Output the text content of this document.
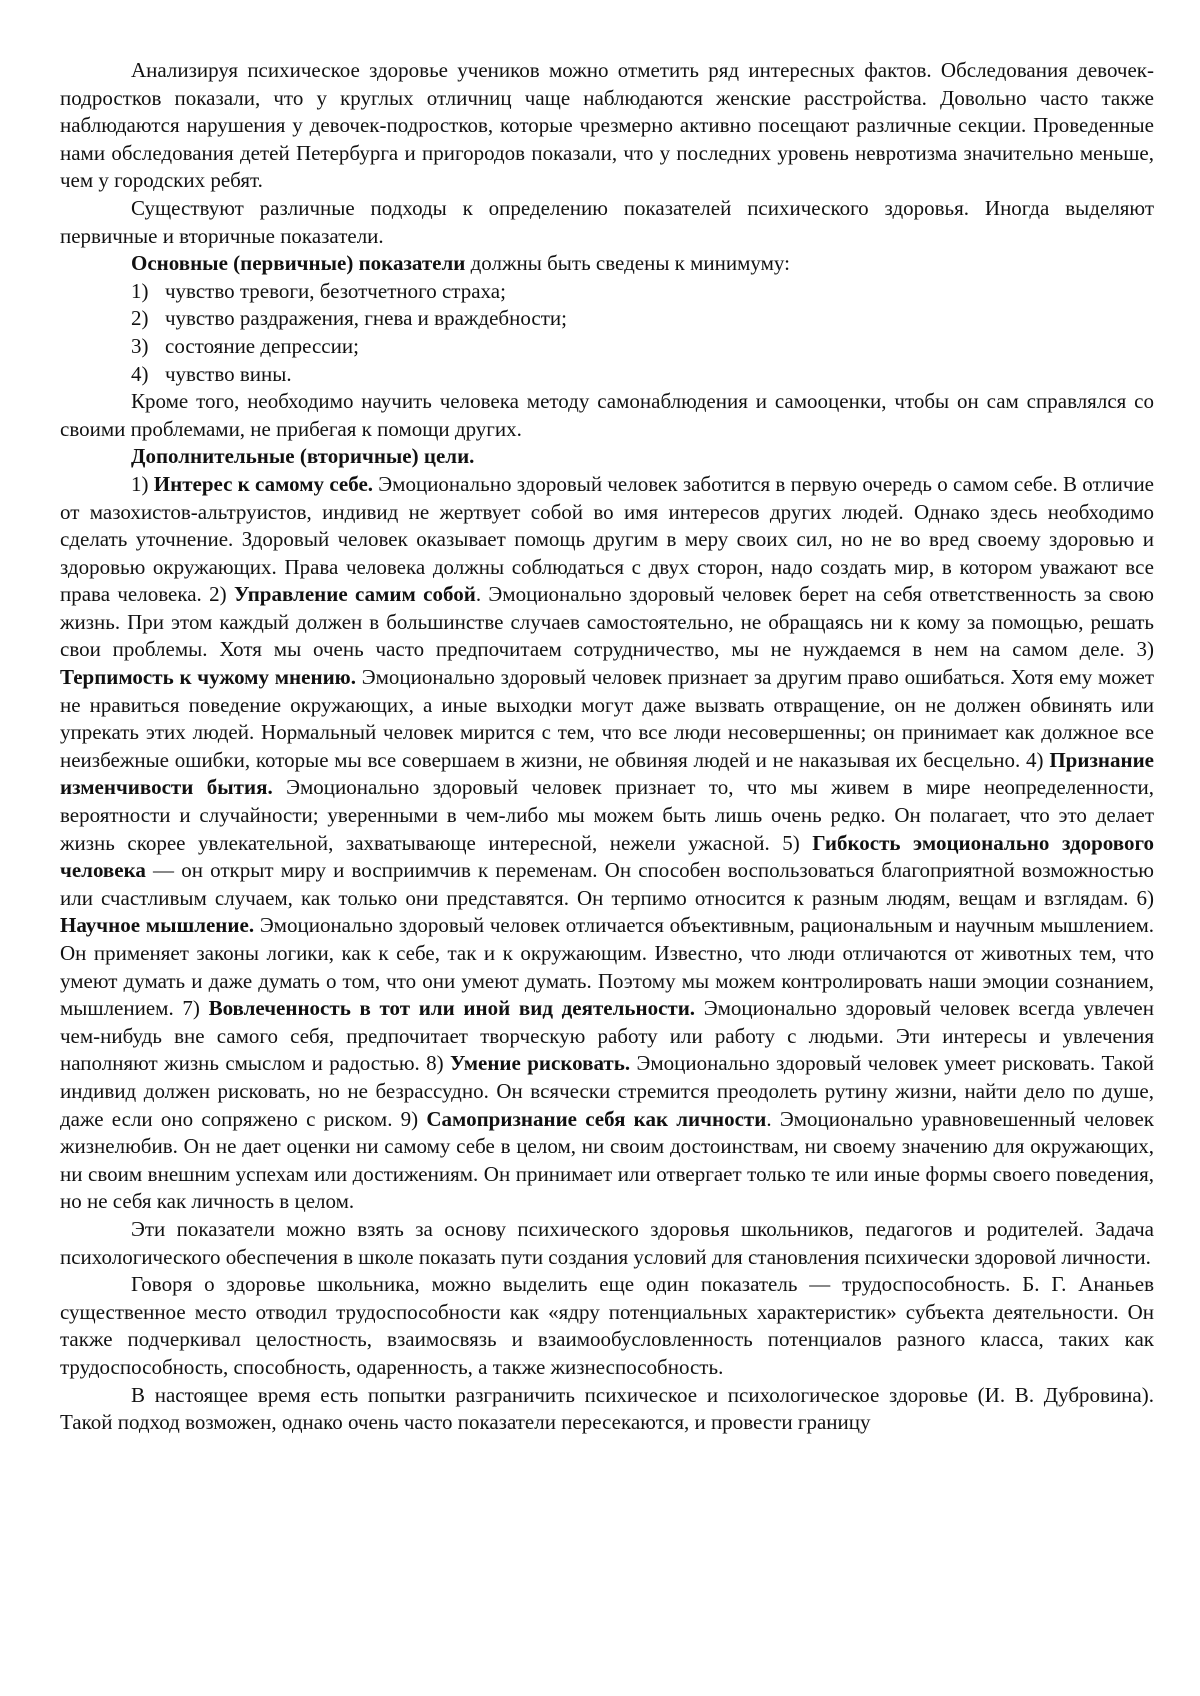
Анализируя психическое здоровье учеников можно отметить ряд интересных фактов. Обследования девочек-подростков показали, что у круглых отличниц чаще наблюдаются женские расстройства. Довольно часто также наблюдаются нарушения у девочек-подростков, которые чрезмерно активно посещают различные секции. Проведенные нами обследования детей Петербурга и пригородов показали, что у последних уровень невротизма значительно меньше, чем у городских ребят.

Существуют различные подходы к определению показателей психического здоровья. Иногда выделяют первичные и вторичные показатели.

Основные (первичные) показатели должны быть сведены к минимуму:

1) чувство тревоги, безотчетного страха;

2) чувство раздражения, гнева и враждебности;

3) состояние депрессии;

4) чувство вины.

Кроме того, необходимо научить человека методу самонаблюдения и самооценки, чтобы он сам справлялся со своими проблемами, не прибегая к помощи других.

Дополнительные (вторичные) цели.

1) Интерес к самому себе. Эмоционально здоровый человек заботится в первую очередь о самом себе. В отличие от мазохистов-альтруистов, индивид не жертвует собой во имя интересов других людей. Однако здесь необходимо сделать уточнение. Здоровый человек оказывает помощь другим в меру своих сил, но не во вред своему здоровью и здоровью окружающих. Права человека должны соблюдаться с двух сторон, надо создать мир, в котором уважают все права человека. 2) Управление самим собой. Эмоционально здоровый человек берет на себя ответственность за свою жизнь. При этом каждый должен в большинстве случаев самостоятельно, не обращаясь ни к кому за помощью, решать свои проблемы. Хотя мы очень часто предпочитаем сотрудничество, мы не нуждаемся в нем на самом деле. 3) Терпимость к чужому мнению. Эмоционально здоровый человек признает за другим право ошибаться. Хотя ему может не нравиться поведение окружающих, а иные выходки могут даже вызвать отвращение, он не должен обвинять или упрекать этих людей. Нормальный человек мирится с тем, что все люди несовершенны; он принимает как должное все неизбежные ошибки, которые мы все совершаем в жизни, не обвиняя людей и не наказывая их бесцельно. 4) Признание изменчивости бытия. Эмоционально здоровый человек признает то, что мы живем в мире неопределенности, вероятности и случайности; уверенными в чем-либо мы можем быть лишь очень редко. Он полагает, что это делает жизнь скорее увлекательной, захватывающе интересной, нежели ужасной. 5) Гибкость эмоционально здорового человека — он открыт миру и восприимчив к переменам. Он способен воспользоваться благоприятной возможностью или счастливым случаем, как только они представятся. Он терпимо относится к разным людям, вещам и взглядам. 6) Научное мышление. Эмоционально здоровый человек отличается объективным, рациональным и научным мышлением. Он применяет законы логики, как к себе, так и к окружающим. Известно, что люди отличаются от животных тем, что умеют думать и даже думать о том, что они умеют думать. Поэтому мы можем контролировать наши эмоции сознанием, мышлением. 7) Вовлеченность в тот или иной вид деятельности. Эмоционально здоровый человек всегда увлечен чем-нибудь вне самого себя, предпочитает творческую работу или работу с людьми. Эти интересы и увлечения наполняют жизнь смыслом и радостью. 8) Умение рисковать. Эмоционально здоровый человек умеет рисковать. Такой индивид должен рисковать, но не безрассудно. Он всячески стремится преодолеть рутину жизни, найти дело по душе, даже если оно сопряжено с риском. 9) Самопризнание себя как личности. Эмоционально уравновешенный человек жизнелюбив. Он не дает оценки ни самому себе в целом, ни своим достоинствам, ни своему значению для окружающих, ни своим внешним успехам или достижениям. Он принимает или отвергает только те или иные формы своего поведения, но не себя как личность в целом.

Эти показатели можно взять за основу психического здоровья школьников, педагогов и родителей. Задача психологического обеспечения в школе показать пути создания условий для становления психически здоровой личности.

Говоря о здоровье школьника, можно выделить еще один показатель — трудоспособность. Б. Г. Ананьев существенное место отводил трудоспособности как «ядру потенциальных характеристик» субъекта деятельности. Он также подчеркивал целостность, взаимосвязь и взаимообусловленность потенциалов разного класса, таких как трудоспособность, способность, одаренность, а также жизнеспособность.

В настоящее время есть попытки разграничить психическое и психологическое здоровье (И. В. Дубровина). Такой подход возможен, однако очень часто показатели пересекаются, и провести границу
